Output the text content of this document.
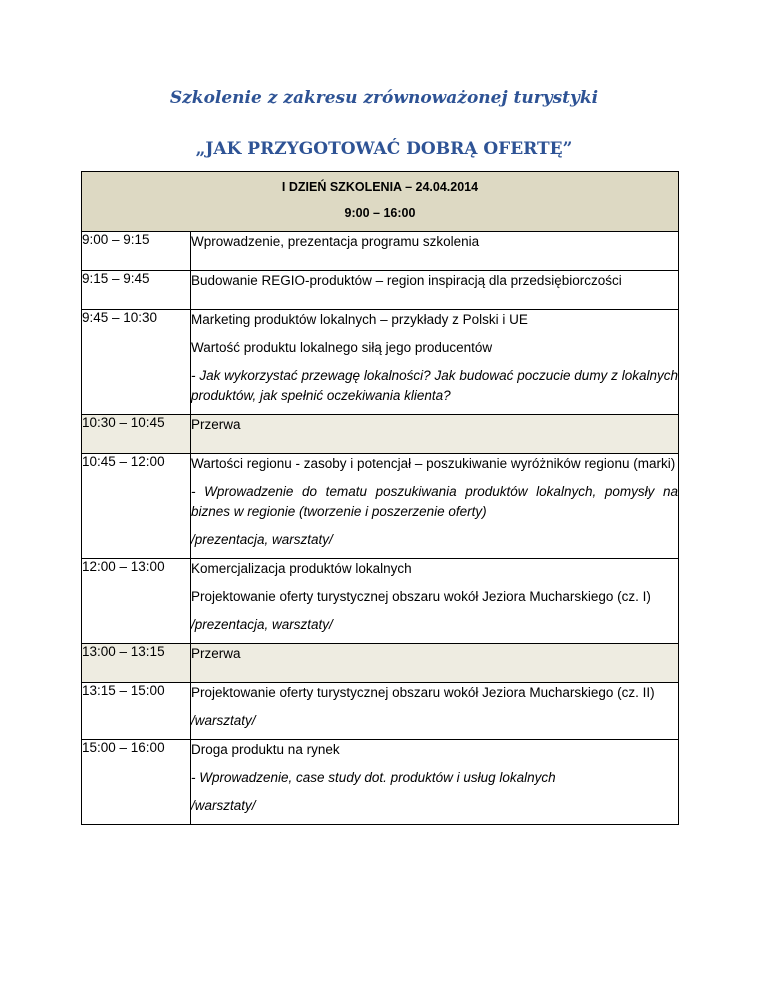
Szkolenie z zakresu zrównoważonej turystyki
„JAK PRZYGOTOWAĆ DOBRĄ OFERTĘ”
I DZIEŃ SZKOLENIA – 24.04.2014
9:00 – 16:00	

9:00 – 9:15	Wprowadzenie, prezentacja programu szkolenia

9:15 – 9:45	Budowanie REGIO-produktów – region inspiracją dla przedsiębiorczości

9:45 – 10:30	Marketing produktów lokalnych – przykłady z Polski i UE

Wartość produktu lokalnego siłą jego producentów

- Jak wykorzystać przewagę lokalności? Jak budować poczucie dumy z lokalnych produktów, jak spełnić oczekiwania klienta?

10:30 – 10:45	Przerwa

10:45 – 12:00	Wartości regionu - zasoby i potencjał – poszukiwanie wyróżników regionu (marki)

- Wprowadzenie do tematu poszukiwania produktów lokalnych, pomysły na biznes w regionie (tworzenie i poszerzenie oferty)

/prezentacja, warsztaty/

12:00 – 13:00	Komercjalizacja produktów lokalnych

Projektowanie oferty turystycznej obszaru wokół Jeziora Mucharskiego (cz. I)

/prezentacja, warsztaty/

13:00 – 13:15	Przerwa

13:15 – 15:00	Projektowanie oferty turystycznej obszaru wokół Jeziora Mucharskiego (cz. II)

/warsztaty/

15:00 – 16:00	Droga produktu na rynek

- Wprowadzenie, case study dot. produktów i usług lokalnych

/warsztaty/
